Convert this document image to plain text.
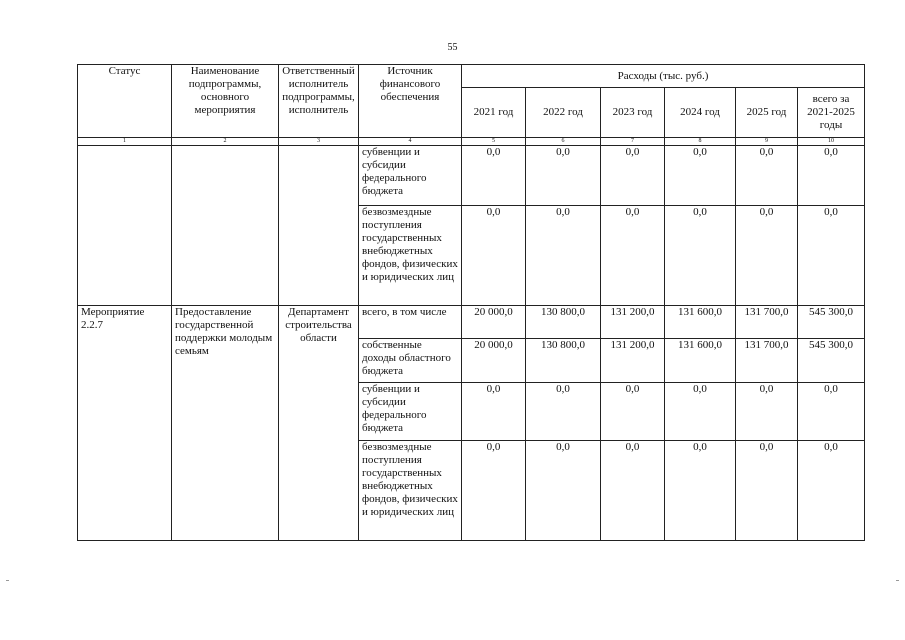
55
Статус	Наименование подпрограммы, основного мероприятия	Ответственный исполнитель подпрограммы, исполнитель	Источник финансового обеспечения	Расходы (тыс. руб.)					
				2021 год	2022 год	2023 год	2024 год	2025 год	всего за 2021-2025 годы
1	2	3	4	5	6	7	8	9	10
			субвенции и субсидии федерального бюджета	0,0	0,0	0,0	0,0	0,0	0,0
			безвозмездные поступления государственных внебюджетных фондов, физических и юридических лиц	0,0	0,0	0,0	0,0	0,0	0,0
Мероприятие 2.2.7	Предоставление государственной поддержки молодым семьям	Департамент строительства области	всего, в том числе	20 000,0	130 800,0	131 200,0	131 600,0	131 700,0	545 300,0
			собственные доходы областного бюджета	20 000,0	130 800,0	131 200,0	131 600,0	131 700,0	545 300,0
			субвенции и субсидии федерального бюджета	0,0	0,0	0,0	0,0	0,0	0,0
			безвозмездные поступления государственных внебюджетных фондов, физических и юридических лиц	0,0	0,0	0,0	0,0	0,0	0,0
